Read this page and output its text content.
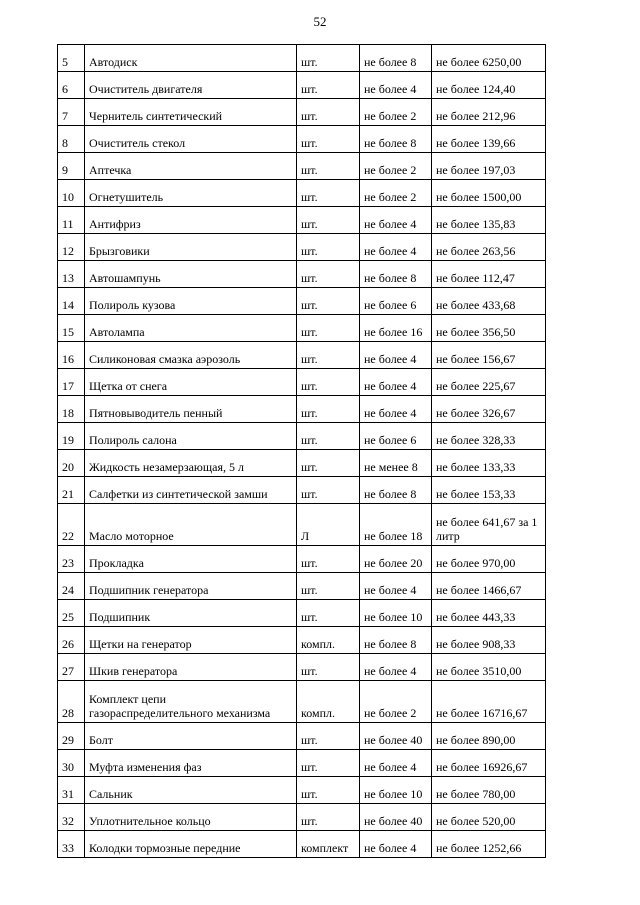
52
5	Автодиск	шт.	не более 8	не более 6250,00
6	Очиститель двигателя	шт.	не более 4	не более 124,40
7	Чернитель синтетический	шт.	не более 2	не более 212,96
8	Очиститель стекол	шт.	не более 8	не более 139,66
9	Аптечка	шт.	не более 2	не более 197,03
10	Огнетушитель	шт.	не более 2	не более 1500,00
11	Антифриз	шт.	не более 4	не более 135,83
12	Брызговики	шт.	не более 4	не более 263,56
13	Автошампунь	шт.	не более 8	не более 112,47
14	Полироль кузова	шт.	не более 6	не более 433,68
15	Автолампа	шт.	не более 16	не более 356,50
16	Силиконовая смазка аэрозоль	шт.	не более 4	не более 156,67
17	Щетка от снега	шт.	не более 4	не более 225,67
18	Пятновыводитель пенный	шт.	не более 4	не более 326,67
19	Полироль салона	шт.	не более 6	не более 328,33
20	Жидкость незамерзающая, 5 л	шт.	не менее 8	не более 133,33
21	Салфетки из синтетической замши	шт.	не более 8	не более 153,33
22	Масло моторное	Л	не более 18	не более 641,67 за 1 литр
23	Прокладка	шт.	не более 20	не более 970,00
24	Подшипник генератора	шт.	не более 4	не более 1466,67
25	Подшипник	шт.	не более 10	не более 443,33
26	Щетки на генератор	компл.	не более 8	не более 908,33
27	Шкив генератора	шт.	не более 4	не более 3510,00
28	Комплект цепи газораспределительного механизма	компл.	не более 2	не более 16716,67
29	Болт	шт.	не более 40	не более 890,00
30	Муфта изменения фаз	шт.	не более 4	не более 16926,67
31	Сальник	шт.	не более 10	не более 780,00
32	Уплотнительное кольцо	шт.	не более 40	не более 520,00
33	Колодки тормозные передние	комплект	не более 4	не более 1252,66
